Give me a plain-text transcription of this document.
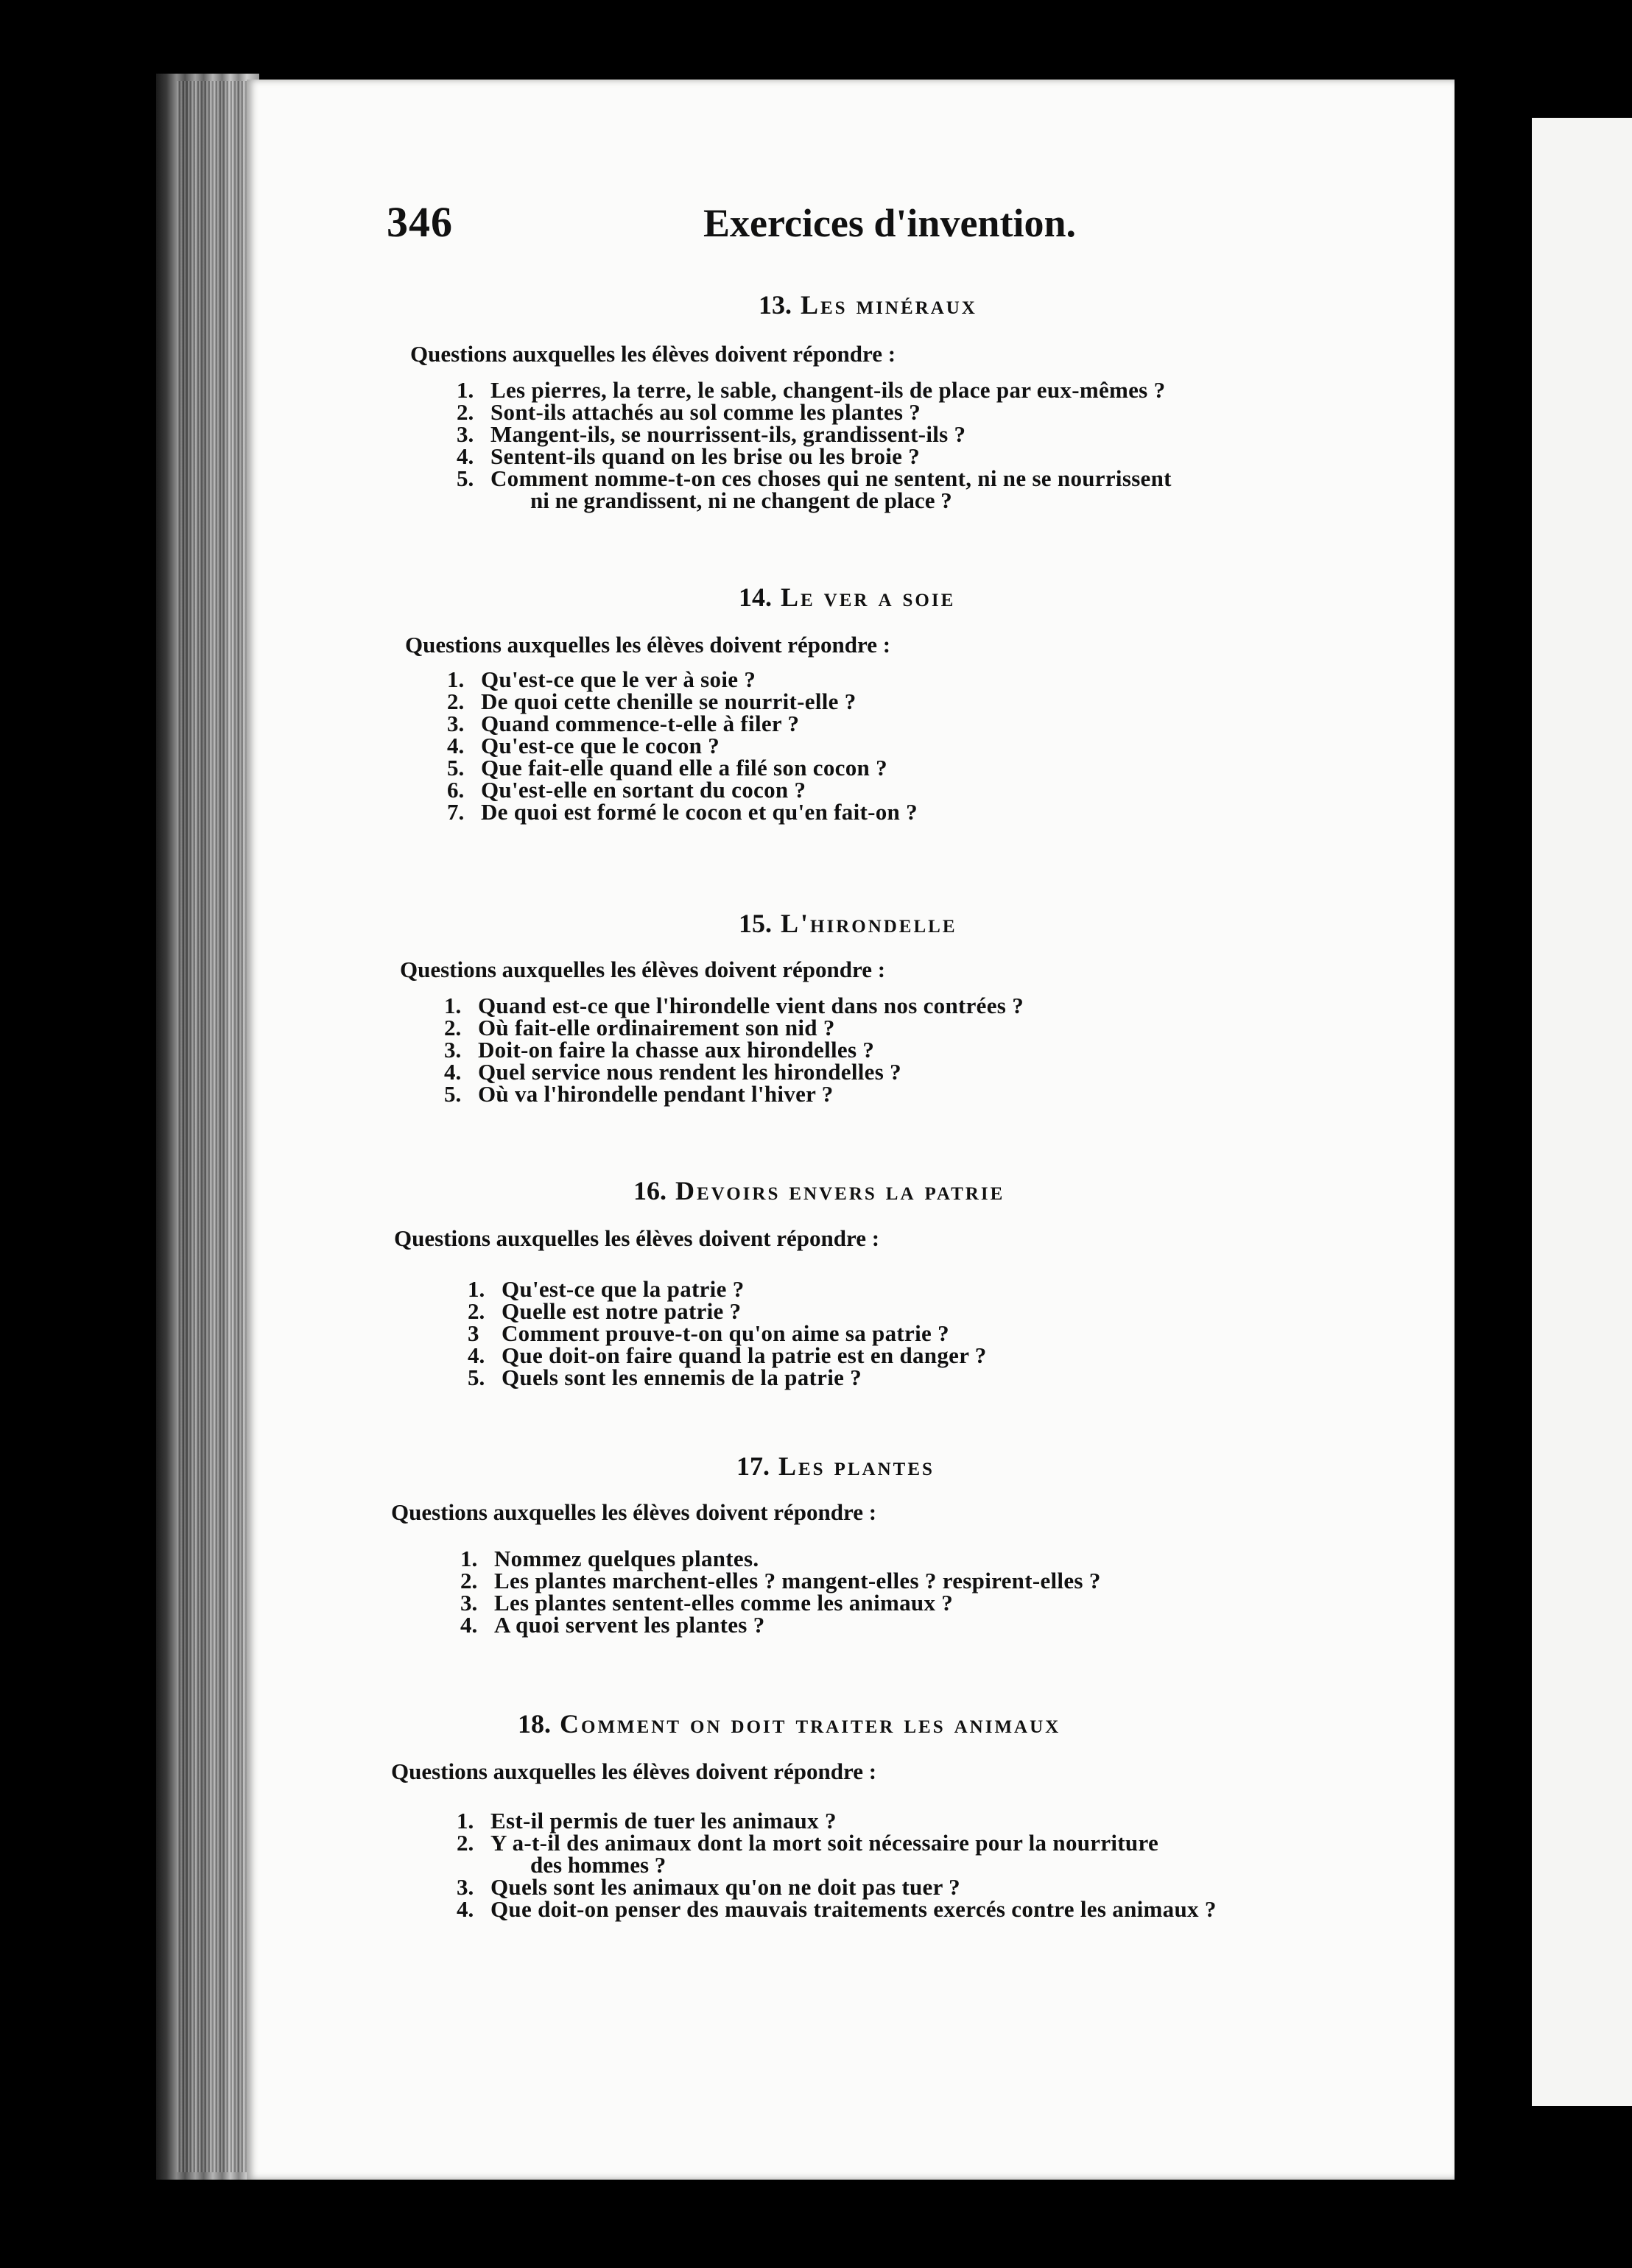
346	Exercices d'invention.
13. Les minéraux
Questions auxquelles les élèves doivent répondre :
1. Les pierres, la terre, le sable, changent-ils de place par eux-mêmes ?
2. Sont-ils attachés au sol comme les plantes ?
3. Mangent-ils, se nourrissent-ils, grandissent-ils ?
4. Sentent-ils quand on les brise ou les broie ?
5. Comment nomme-t-on ces choses qui ne sentent, ni ne se nourrissent
ni ne grandissent, ni ne changent de place ?
14. Le ver a soie
Questions auxquelles les élèves doivent répondre :
1. Qu'est-ce que le ver à soie ?
2. De quoi cette chenille se nourrit-elle ?
3. Quand commence-t-elle à filer ?
4. Qu'est-ce que le cocon ?
5. Que fait-elle quand elle a filé son cocon ?
6. Qu'est-elle en sortant du cocon ?
7. De quoi est formé le cocon et qu'en fait-on ?
15. L'hirondelle
Questions auxquelles les élèves doivent répondre :
1. Quand est-ce que l'hirondelle vient dans nos contrées ?
2. Où fait-elle ordinairement son nid ?
3. Doit-on faire la chasse aux hirondelles ?
4. Quel service nous rendent les hirondelles ?
5. Où va l'hirondelle pendant l'hiver ?
16. Devoirs envers la patrie
Questions auxquelles les élèves doivent répondre :
1. Qu'est-ce que la patrie ?
2. Quelle est notre patrie ?
3 Comment prouve-t-on qu'on aime sa patrie ?
4. Que doit-on faire quand la patrie est en danger ?
5. Quels sont les ennemis de la patrie ?
17. Les plantes
Questions auxquelles les élèves doivent répondre :
1. Nommez quelques plantes.
2. Les plantes marchent-elles ? mangent-elles ? respirent-elles ?
3. Les plantes sentent-elles comme les animaux ?
4. A quoi servent les plantes ?
18. Comment on doit traiter les animaux
Questions auxquelles les élèves doivent répondre :
1. Est-il permis de tuer les animaux ?
2. Y a-t-il des animaux dont la mort soit nécessaire pour la nourriture
des hommes ?
3. Quels sont les animaux qu'on ne doit pas tuer ?
4. Que doit-on penser des mauvais traitements exercés contre les animaux ?
